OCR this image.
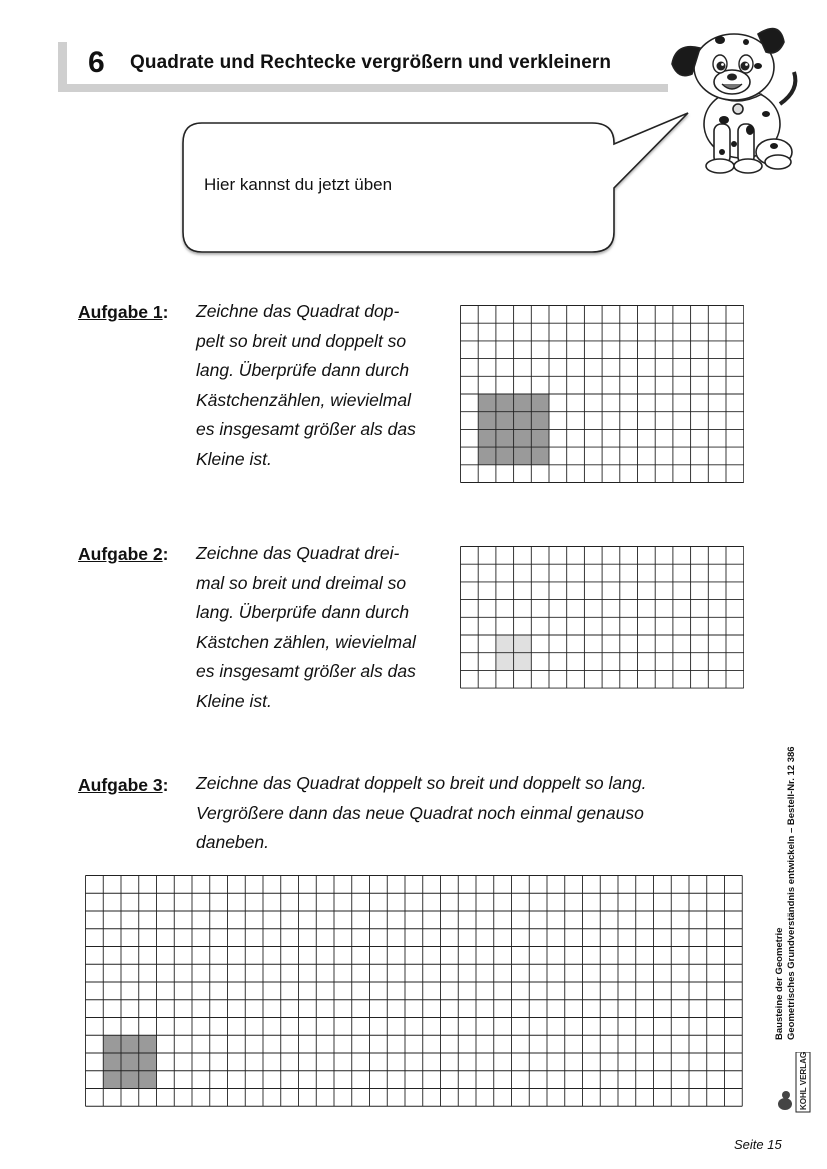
6 Quadrate und Rechtecke vergrößern und verkleinern
Hier kannst du jetzt üben
Aufgabe 1: Zeichne das Quadrat dop-
pelt so breit und doppelt so
lang. Überprüfe dann durch
Kästchenzählen, wievielmal
es insgesamt größer als das
Kleine ist.
Aufgabe 2: Zeichne das Quadrat drei-
mal so breit und dreimal so
lang. Überprüfe dann durch
Kästchen zählen, wievielmal
es insgesamt größer als das
Kleine ist.
Aufgabe 3: Zeichne das Quadrat doppelt so breit und doppelt so lang.
Vergrößere dann das neue Quadrat noch einmal genauso
daneben.
Bausteine der Geometrie Geometrisches Grundverständnis entwickeln – Bestell-Nr. 12 386
KOHL VERLAG
Seite 15
